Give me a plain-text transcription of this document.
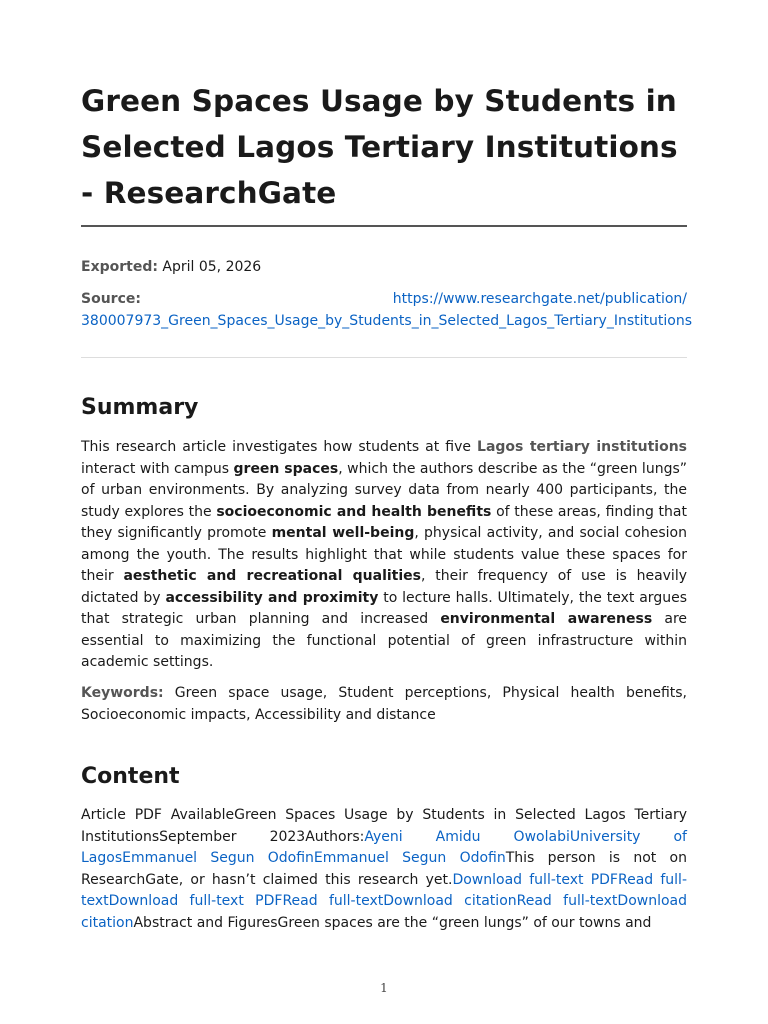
Green Spaces Usage by Students in Selected Lagos Tertiary Institutions - ResearchGate
Exported: April 05, 2026
Source:	https://www.researchgate.net/publication/
380007973_Green_Spaces_Usage_by_Students_in_Selected_Lagos_Tertiary_Institutions
Summary

This research article investigates how students at five Lagos tertiary institutions interact with campus green spaces, which the authors describe as the “green lungs” of urban environments. By analyzing survey data from nearly 400 participants, the study explores the socioeconomic and health benefits of these areas, finding that they significantly promote mental well-being, physical activity, and social cohesion among the youth. The results highlight that while students value these spaces for their aesthetic and recreational qualities, their frequency of use is heavily dictated by accessibility and proximity to lecture halls. Ultimately, the text argues that strategic urban planning and increased environmental awareness are essential to maximizing the functional potential of green infrastructure within academic settings.

Keywords: Green space usage, Student perceptions, Physical health benefits, Socioeconomic impacts, Accessibility and distance

Content

Article PDF AvailableGreen Spaces Usage by Students in Selected Lagos Tertiary InstitutionsSeptember 2023Authors:Ayeni Amidu OwolabiUniversity of LagosEmmanuel Segun OdofinEmmanuel Segun OdofinThis person is not on ResearchGate, or hasn’t claimed this research yet.Download full-text PDFRead full-textDownload full-text PDFRead full-textDownload citationRead full-textDownload citationAbstract and FiguresGreen spaces are the “green lungs” of our towns and

1
